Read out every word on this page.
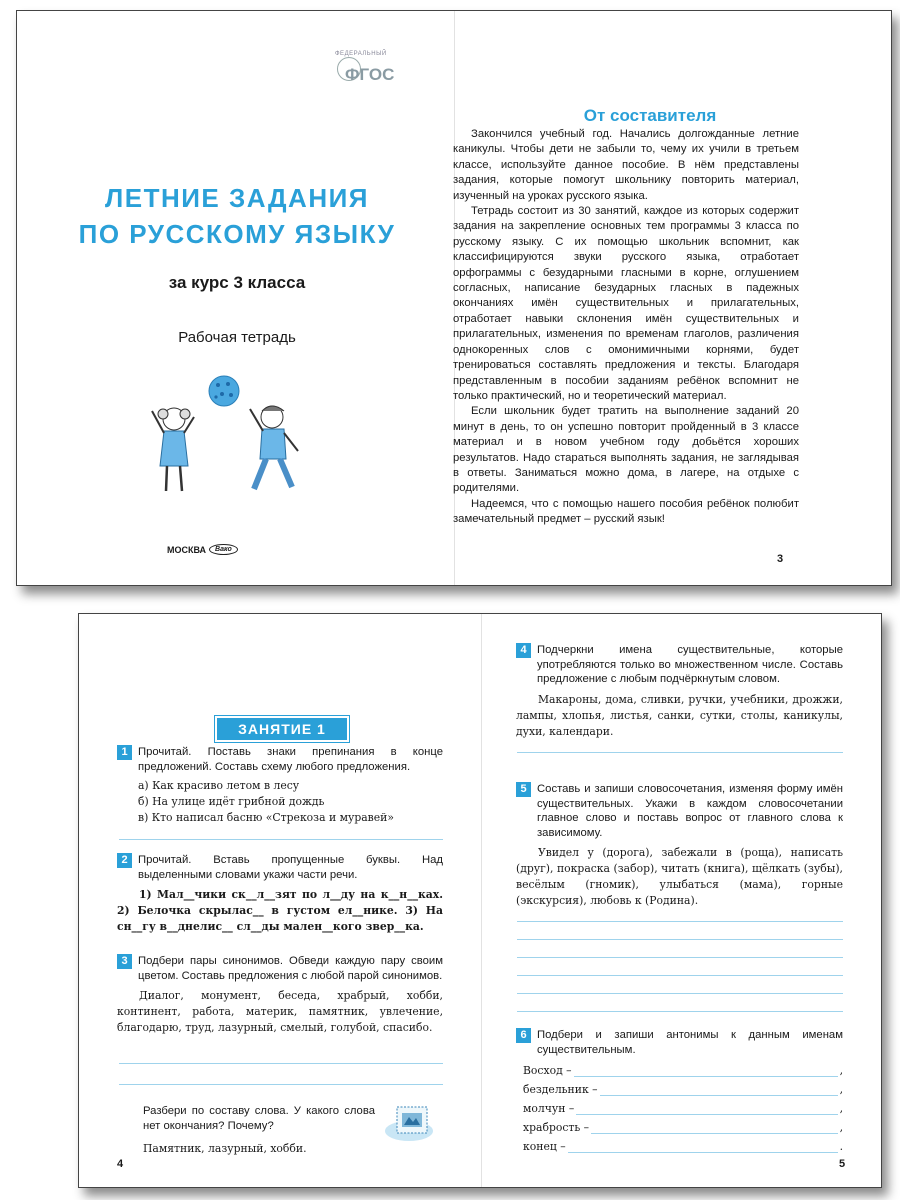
ФЕДЕРАЛЬНЫЙ
ФГОС
ЛЕТНИЕ ЗАДАНИЯ
ПО РУССКОМУ ЯЗЫКУ
за курс 3 класса
Рабочая тетрадь
МОСКВА	Вако
От составителя

Закончился учебный год. Начались долгожданные летние каникулы. Чтобы дети не забыли то, чему их учили в третьем классе, используйте данное пособие. В нём представлены задания, которые помогут школьнику повторить материал, изученный на уроках русского языка.

Тетрадь состоит из 30 занятий, каждое из которых содержит задания на закрепление основных тем программы 3 класса по русскому языку. С их помощью школьник вспомнит, как классифицируются звуки русского языка, отработает орфограммы с безударными гласными в корне, оглушением согласных, написание безударных гласных в падежных окончаниях имён существительных и прилагательных, отработает навыки склонения имён существительных и прилагательных, изменения по временам глаголов, различения однокоренных слов с омонимичными корнями, будет тренироваться составлять предложения и тексты. Благодаря представленным в пособии заданиям ребёнок вспомнит не только практический, но и теоретический материал.

Если школьник будет тратить на выполнение заданий 20 минут в день, то он успешно повторит пройденный в 3 классе материал и в новом учебном году добьётся хороших результатов. Надо стараться выполнять задания, не заглядывая в ответы. Заниматься можно дома, в лагере, на отдыхе с родителями.

Надеемся, что с помощью нашего пособия ребёнок полюбит замечательный предмет – русский язык!

3
ЗАНЯТИЕ 1
1 Прочитай. Поставь знаки препинания в конце предложений. Составь схему любого предложения.
а) Как красиво летом в лесу
б) На улице идёт грибной дождь
в) Кто написал басню «Стрекоза и муравей»
2 Прочитай. Вставь пропущенные буквы. Над выделенными словами укажи части речи.
1) Мал__чики ск__л__зят по л__ду на к__н__ках. 2) Белочка скрылас__ в густом ел__нике. 3) На сн__гу в__днелис__ сл__ды мален__кого звер__ка.
3 Подбери пары синонимов. Обведи каждую пару своим цветом. Составь предложения с любой парой синонимов.
Диалог, монумент, беседа, храбрый, хобби, континент, работа, материк, памятник, увлечение, благодарю, труд, лазурный, смелый, голубой, спасибо.
Разбери по составу слова. У какого слова нет окончания? Почему?
Памятник, лазурный, хобби.
4
4 Подчеркни имена существительные, которые употребляются только во множественном числе. Составь предложение с любым подчёркнутым словом.
Макароны, дома, сливки, ручки, учебники, дрожжи, лампы, хлопья, листья, санки, сутки, столы, каникулы, духи, календари.
5 Составь и запиши словосочетания, изменяя форму имён существительных. Укажи в каждом словосочетании главное слово и поставь вопрос от главного слова к зависимому.
Увидел у (дорога), забежали в (роща), написать (друг), покраска (забор), читать (книга), щёлкать (зубы), весёлым (гномик), улыбаться (мама), горные (экскурсия), любовь к (Родина).
6 Подбери и запиши антонимы к данным именам существительным.
Восход –	,
бездельник –	,
молчун –	,
храбрость –	,
конец –	.
5
